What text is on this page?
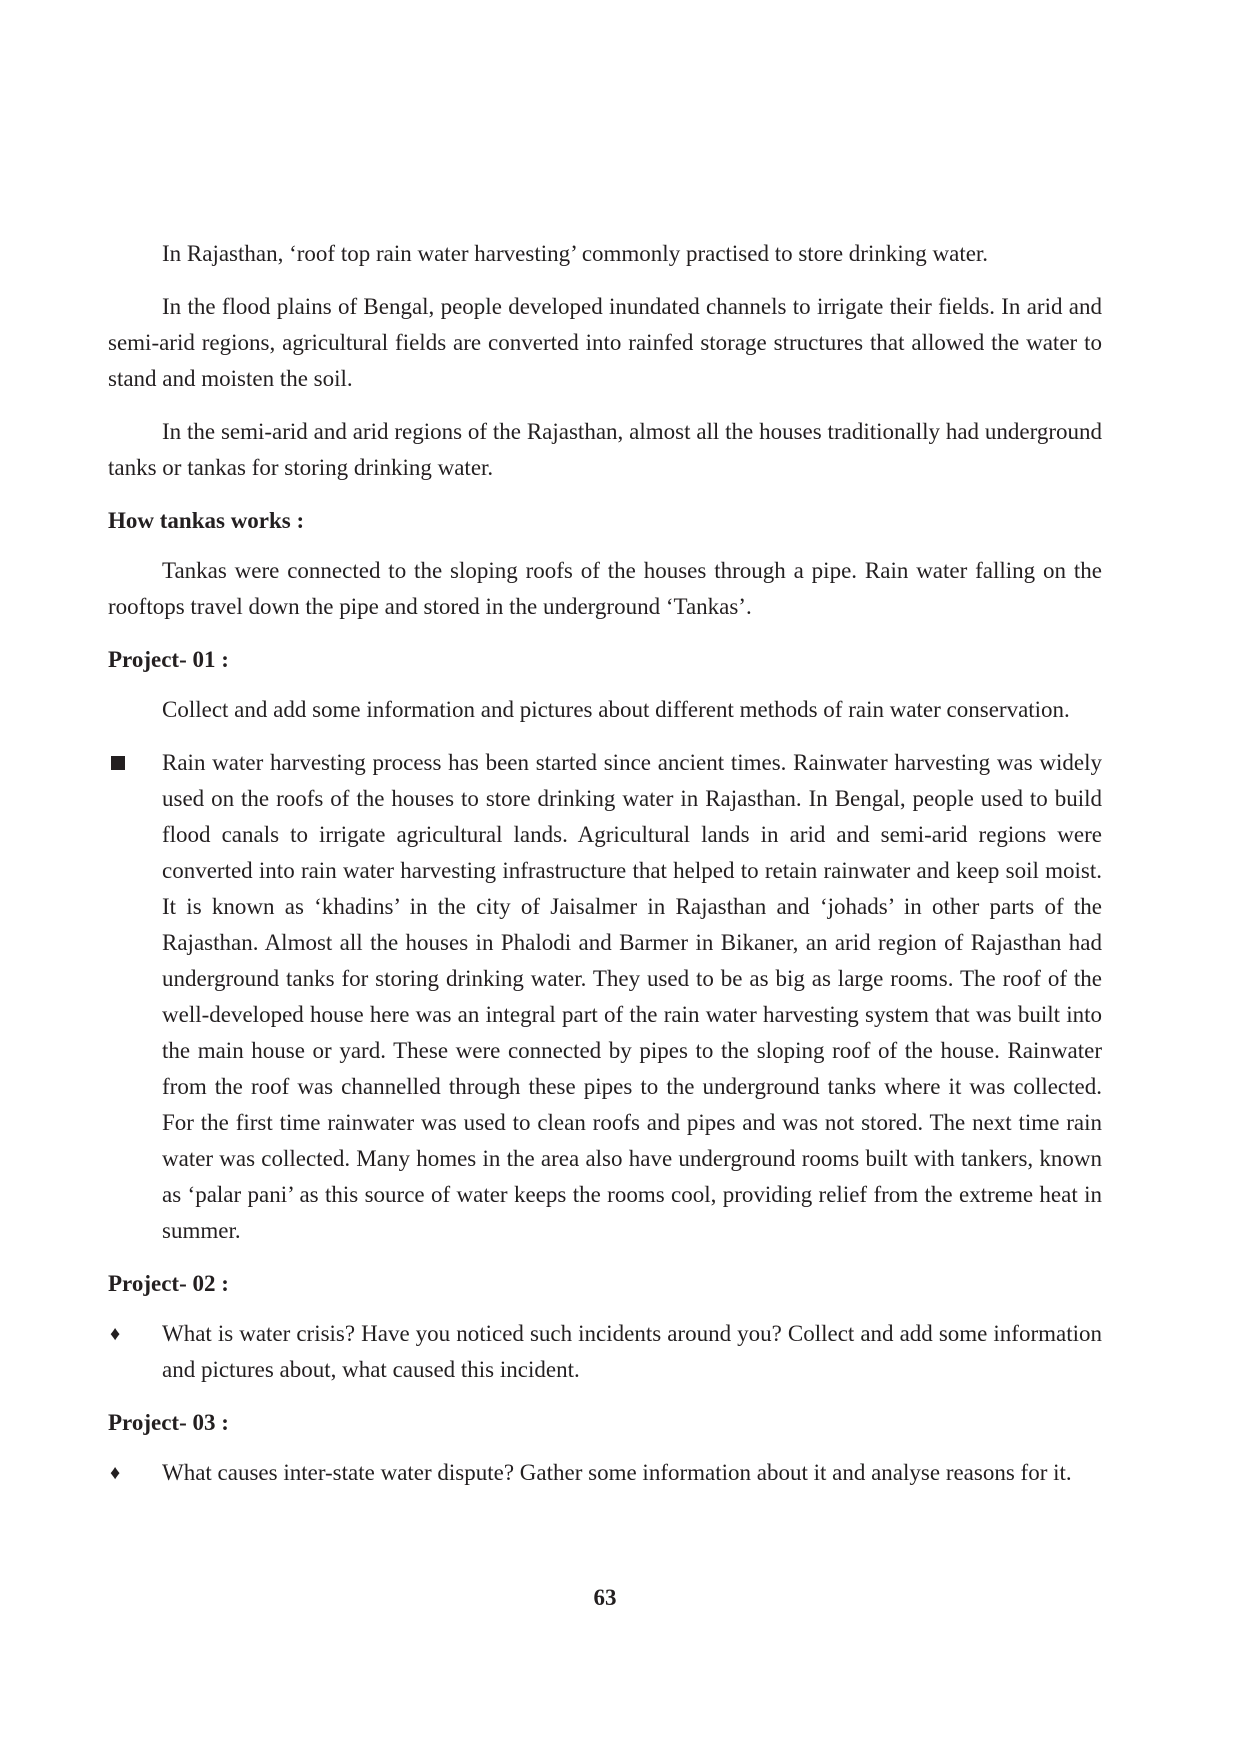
In Rajasthan, ‘roof top rain water harvesting’ commonly practised to store drinking water.

In the flood plains of Bengal, people developed inundated channels to irrigate their fields. In arid and semi-arid regions, agricultural fields are converted into rainfed storage structures that allowed the water to stand and moisten the soil.

In the semi-arid and arid regions of the Rajasthan, almost all the houses traditionally had underground tanks or tankas for storing drinking water.

How tankas works :

Tankas were connected to the sloping roofs of the houses through a pipe. Rain water falling on the rooftops travel down the pipe and stored in the underground ‘Tankas’.

Project- 01 :

Collect and add some information and pictures about different methods of rain water conservation.

Rain water harvesting process has been started since ancient times. Rainwater harvesting was widely used on the roofs of the houses to store drinking water in Rajasthan. In Bengal, people used to build flood canals to irrigate agricultural lands. Agricultural lands in arid and semi-arid regions were converted into rain water harvesting infrastructure that helped to retain rainwater and keep soil moist. It is known as ‘khadins’ in the city of Jaisalmer in Rajasthan and ‘johads’ in other parts of the Rajasthan. Almost all the houses in Phalodi and Barmer in Bikaner, an arid region of Rajasthan had underground tanks for storing drinking water. They used to be as big as large rooms. The roof of the well-developed house here was an integral part of the rain water harvesting system that was built into the main house or yard. These were connected by pipes to the sloping roof of the house. Rainwater from the roof was channelled through these pipes to the underground tanks where it was collected. For the first time rainwater was used to clean roofs and pipes and was not stored. The next time rain water was collected. Many homes in the area also have underground rooms built with tankers, known as ‘palar pani’ as this source of water keeps the rooms cool, providing relief from the extreme heat in summer.

Project- 02 :

♦	What is water crisis? Have you noticed such incidents around you? Collect and add some information and pictures about, what caused this incident.

Project- 03 :

♦	What causes inter-state water dispute? Gather some information about it and analyse reasons for it.

63
